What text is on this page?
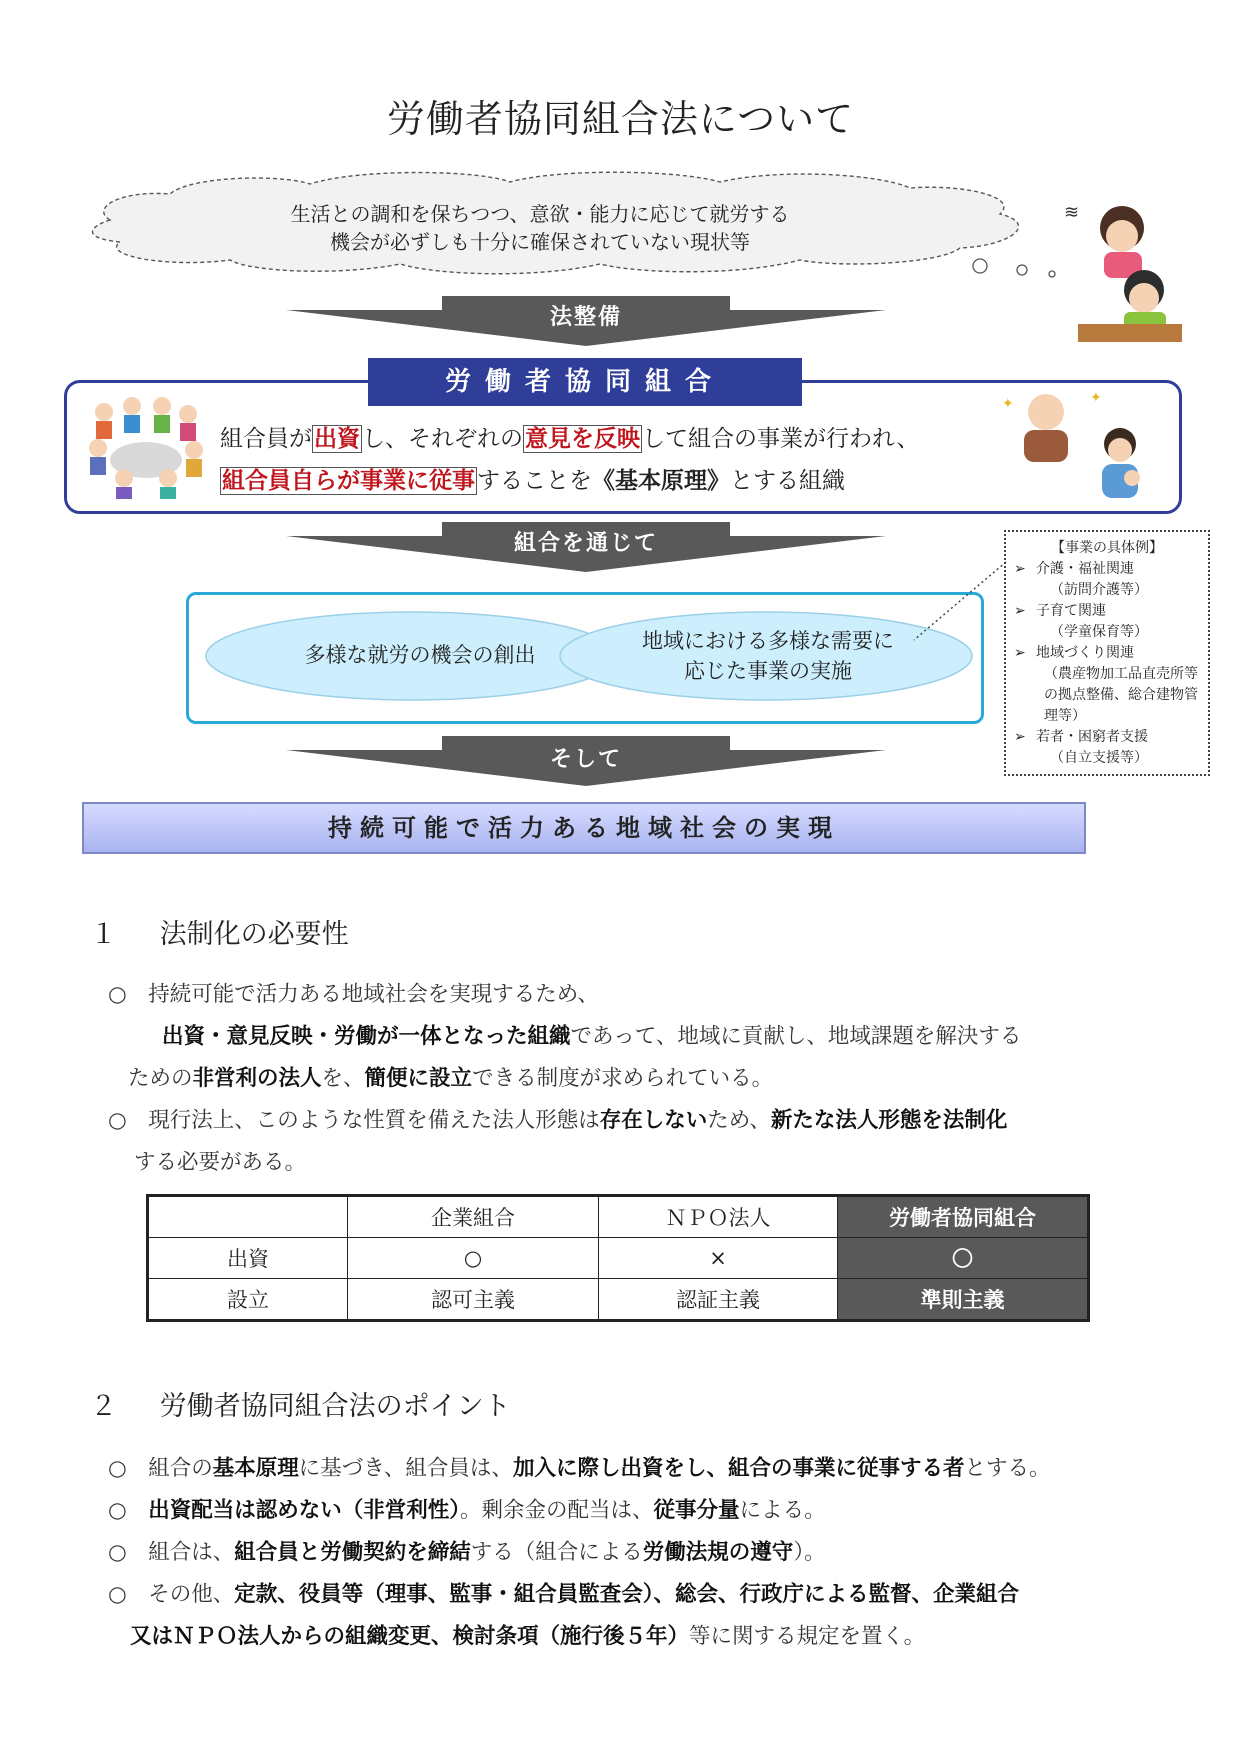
労働者協同組合法について
生活との調和を保ちつつ、意欲・能力に応じて就労する
機会が必ずしも十分に確保されていない現状等
≋
法整備
労働者協同組合
組合員が出資し、それぞれの意見を反映して組合の事業が行われ、
組合員自らが事業に従事することを《基本原理》とする組織
✦	✦
組合を通じて
多様な就労の機会の創出
地域における多様な需要に
応じた事業の実施
【事業の具体例】
➢ 介護・福祉関連
（訪問介護等）
➢ 子育て関連
（学童保育等）
➢ 地域づくり関連
（農産物加工品直売所等の拠点整備、総合建物管理等）
➢ 若者・困窮者支援
（自立支援等）
そして
持続可能で活力ある地域社会の実現
１ 法制化の必要性
○　持続可能で活力ある地域社会を実現するため、
出資・意見反映・労働が一体となった組織であって、地域に貢献し、地域課題を解決する
ための非営利の法人を、簡便に設立できる制度が求められている。
○　現行法上、このような性質を備えた法人形態は存在しないため、新たな法人形態を法制化
する必要がある。
	企業組合	ＮＰＯ法人	労働者協同組合
出資	○	×	〇
設立	認可主義	認証主義	準則主義
２ 労働者協同組合法のポイント
○　組合の基本原理に基づき、組合員は、加入に際し出資をし、組合の事業に従事する者とする。
○　出資配当は認めない（非営利性）。剰余金の配当は、従事分量による。
○　組合は、組合員と労働契約を締結する（組合による労働法規の遵守）。
○　その他、定款、役員等（理事、監事・組合員監査会）、総会、行政庁による監督、企業組合
又はＮＰＯ法人からの組織変更、検討条項（施行後５年）等に関する規定を置く。
